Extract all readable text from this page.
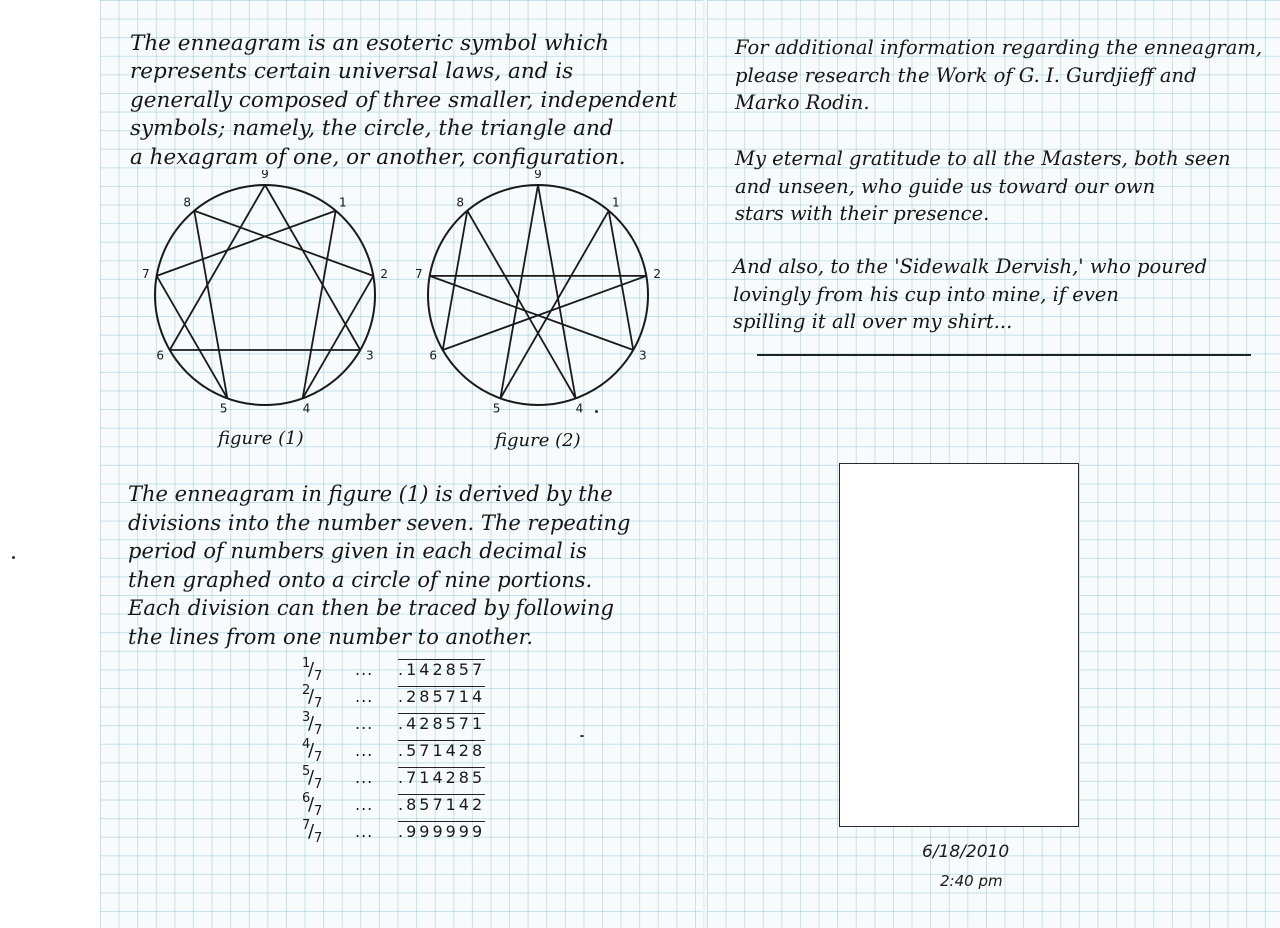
The enneagram is an esoteric symbol which
represents certain universal laws, and is
generally composed of three smaller, independent
symbols; namely, the circle, the triangle and
a hexagram of one, or another, configuration.
9
1
2
3
4
5
6
7
8
figure (1)
9
1
2
3
4
5
6
7
8
figure (2)
The enneagram in figure (1) is derived by the
divisions into the number seven. The repeating
period of numbers given in each decimal is
then graphed onto a circle of nine portions.
Each division can then be traced by following
the lines from one number to another.
1
/ 7 ... .142857
2
/ 7 ... .285714
3
/ 7 ... .428571
4
/ 7 ... .571428
5
/ 7 ... .714285
6
/ 7 ... .857142
7
/ 7 ... .999999
For additional information regarding the enneagram,
please research the Work of G. I. Gurdjieff and
Marko Rodin.
My eternal gratitude to all the Masters, both seen
and unseen, who guide us toward our own
stars with their presence.
And also, to the 'Sidewalk Dervish,' who poured
lovingly from his cup into mine, if even
spilling it all over my shirt...
6/18/2010
2:40 pm
